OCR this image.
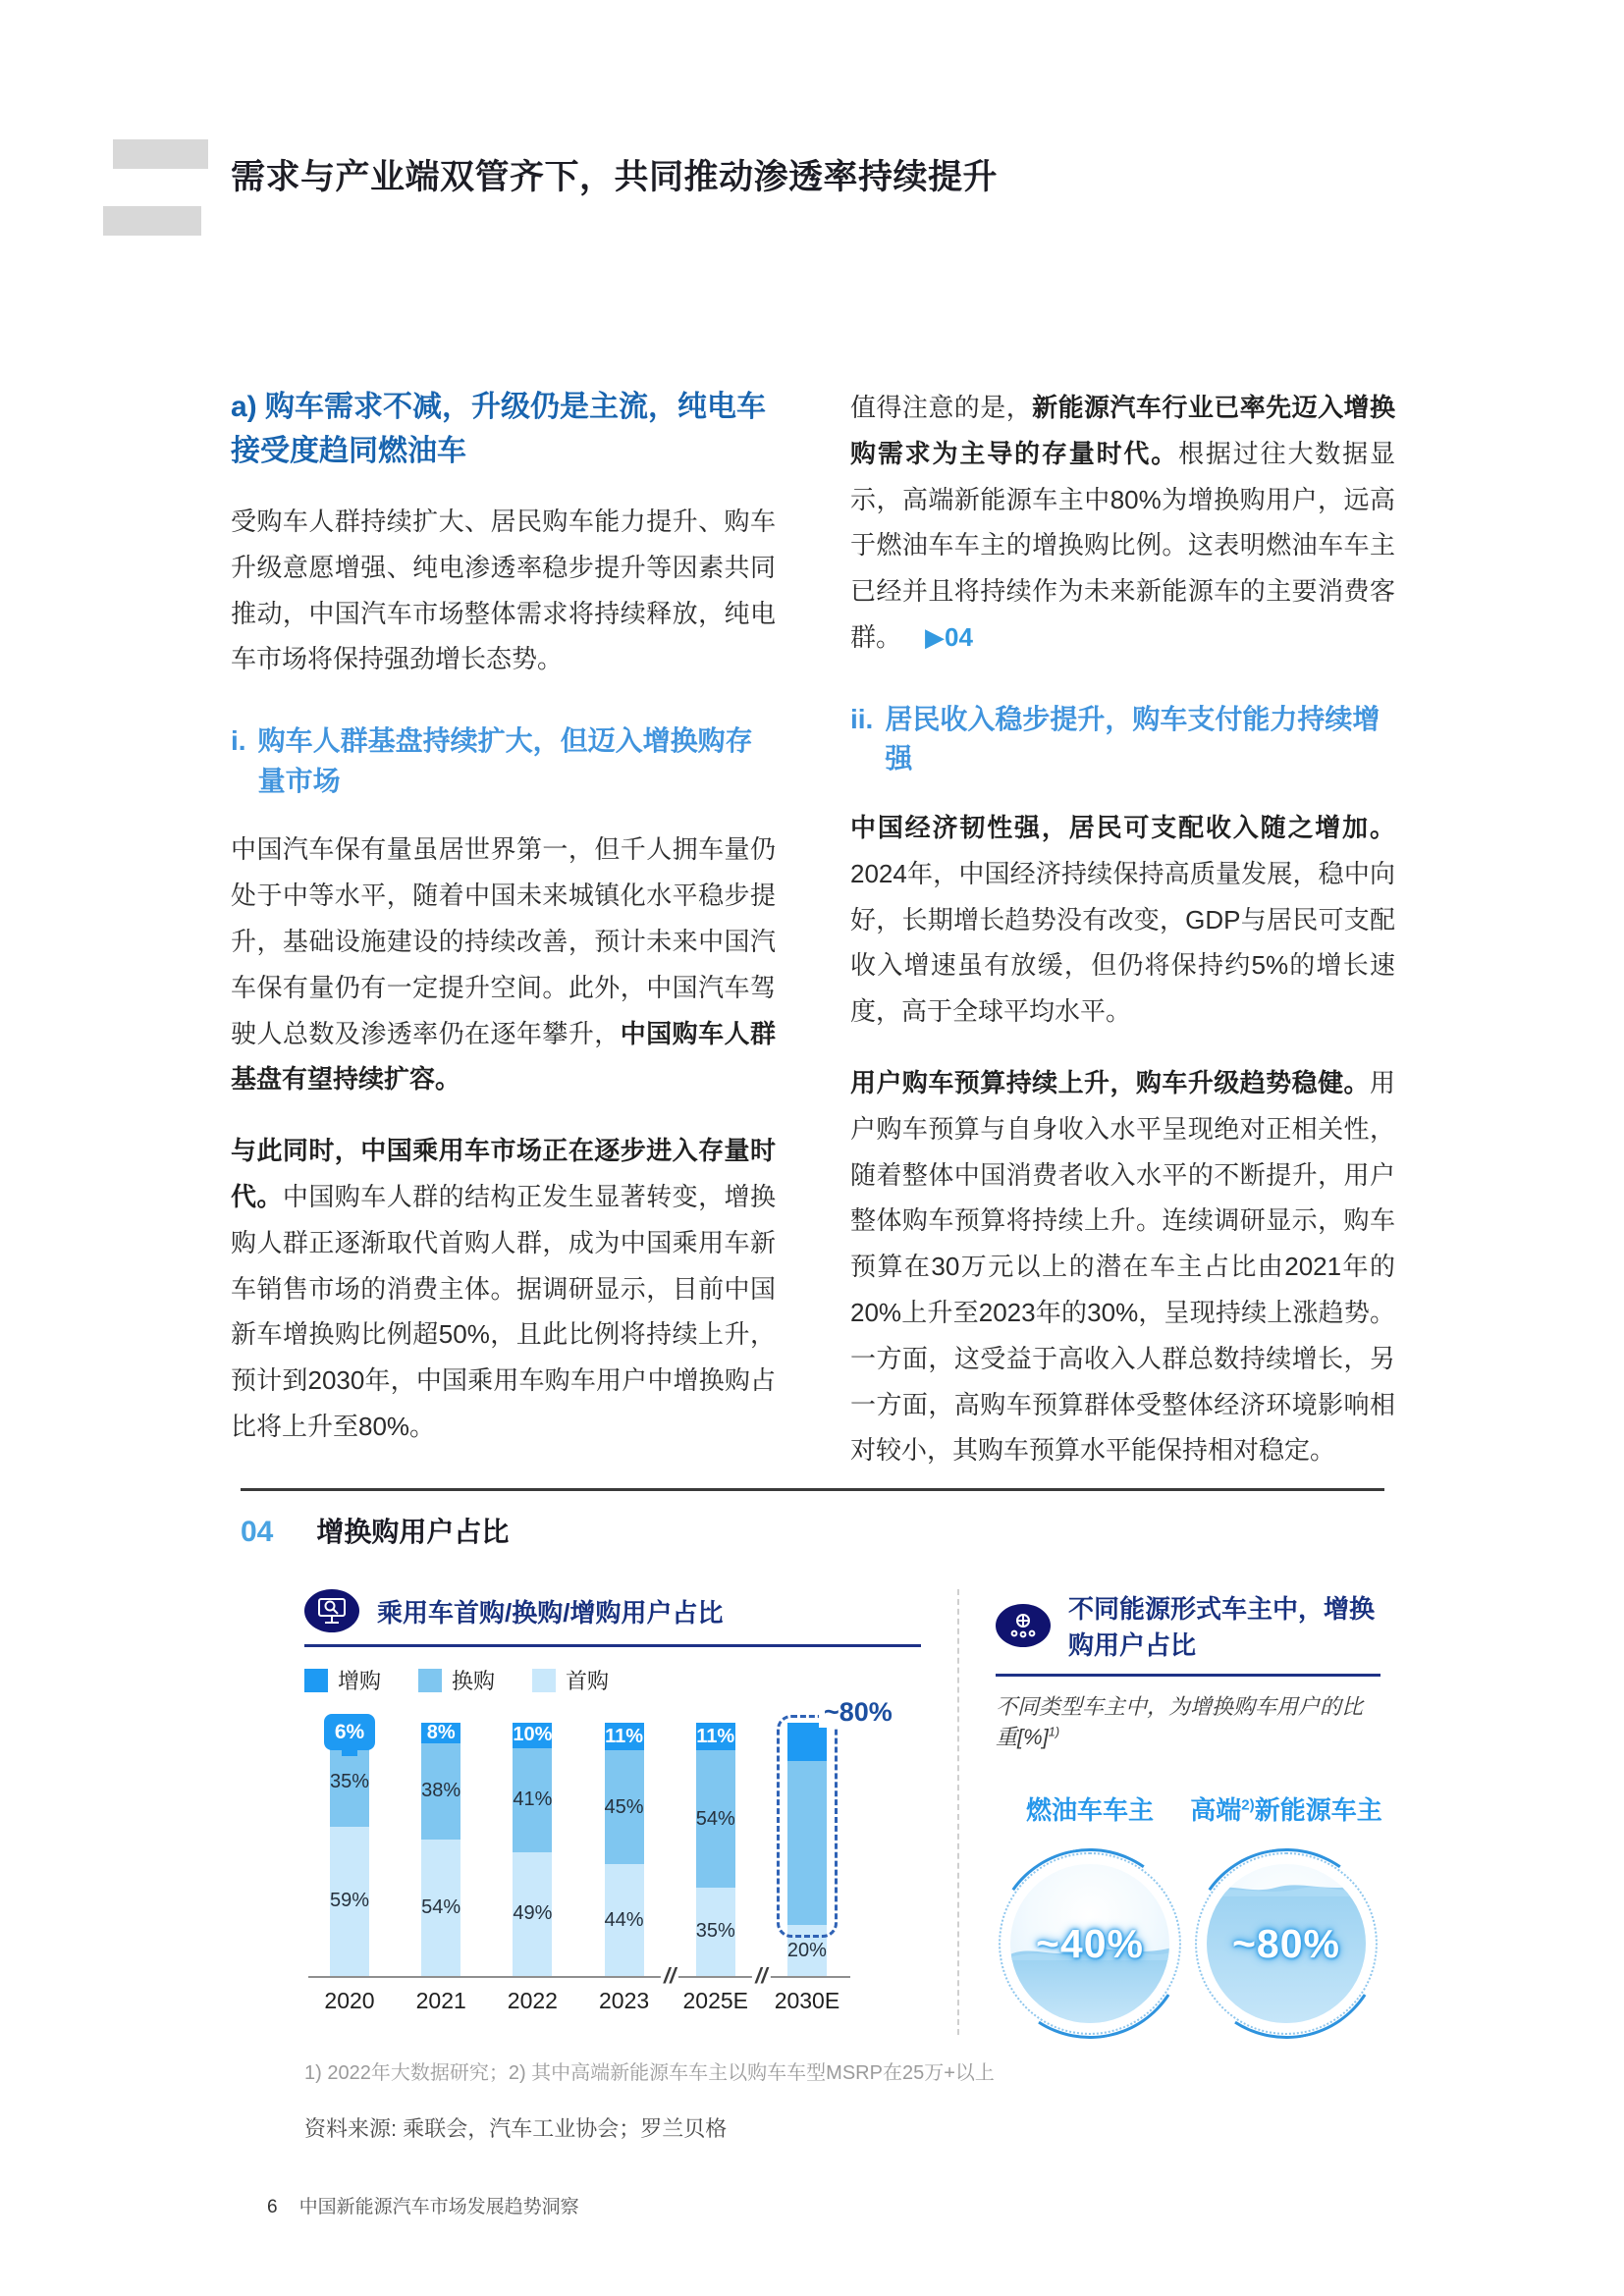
需求与产业端双管齐下，共同推动渗透率持续提升
a) 购车需求不减，升级仍是主流，纯电车接受度趋同燃油车

受购车人群持续扩大、居民购车能力提升、购车升级意愿增强、纯电渗透率稳步提升等因素共同推动，中国汽车市场整体需求将持续释放，纯电车市场将保持强劲增长态势。

i. 购车人群基盘持续扩大，但迈入增换购存量市场

中国汽车保有量虽居世界第一，但千人拥车量仍处于中等水平，随着中国未来城镇化水平稳步提升，基础设施建设的持续改善，预计未来中国汽车保有量仍有一定提升空间。此外，中国汽车驾驶人总数及渗透率仍在逐年攀升，中国购车人群基盘有望持续扩容。

与此同时，中国乘用车市场正在逐步进入存量时代。中国购车人群的结构正发生显著转变，增换购人群正逐渐取代首购人群，成为中国乘用车新车销售市场的消费主体。据调研显示，目前中国新车增换购比例超50%，且此比例将持续上升，预计到2030年，中国乘用车购车用户中增换购占比将上升至80%。

值得注意的是，新能源汽车行业已率先迈入增换购需求为主导的存量时代。根据过往大数据显示，高端新能源车主中80%为增换购用户，远高于燃油车车主的增换购比例。这表明燃油车车主已经并且将持续作为未来新能源车的主要消费客群。 ▶04

ii. 居民收入稳步提升，购车支付能力持续增强

中国经济韧性强，居民可支配收入随之增加。2024年，中国经济持续保持高质量发展，稳中向好，长期增长趋势没有改变，GDP与居民可支配收入增速虽有放缓，但仍将保持约5%的增长速度，高于全球平均水平。

用户购车预算持续上升，购车升级趋势稳健。用户购车预算与自身收入水平呈现绝对正相关性，随着整体中国消费者收入水平的不断提升，用户整体购车预算将持续上升。连续调研显示，购车预算在30万元以上的潜在车主占比由2021年的20%上升至2023年的30%，呈现持续上涨趋势。一方面，这受益于高收入人群总数持续增长，另一方面，高购车预算群体受整体经济环境影响相对较小，其购车预算水平能保持相对稳定。

04 增换购用户占比
乘用车首购/换购/增购用户占比
增购	换购	首购
35%
59%
6%
2020
8%
38%
54%
2021
10%
41%
49%
2022
11%
45%
44%
2023
11%
54%
35%
2025E
20%
~80%
2030E
//	//
不同能源形式车主中，增换购用户占比
不同类型车主中，为增换购车用户的比重[%]$^{1)}$
燃油车车主
~40%
高端$^{2)}$新能源车主
~80%
1) 2022年大数据研究；2) 其中高端新能源车车主以购车车型MSRP在25万+以上
资料来源: 乘联会，汽车工业协会；罗兰贝格
6 中国新能源汽车市场发展趋势洞察
